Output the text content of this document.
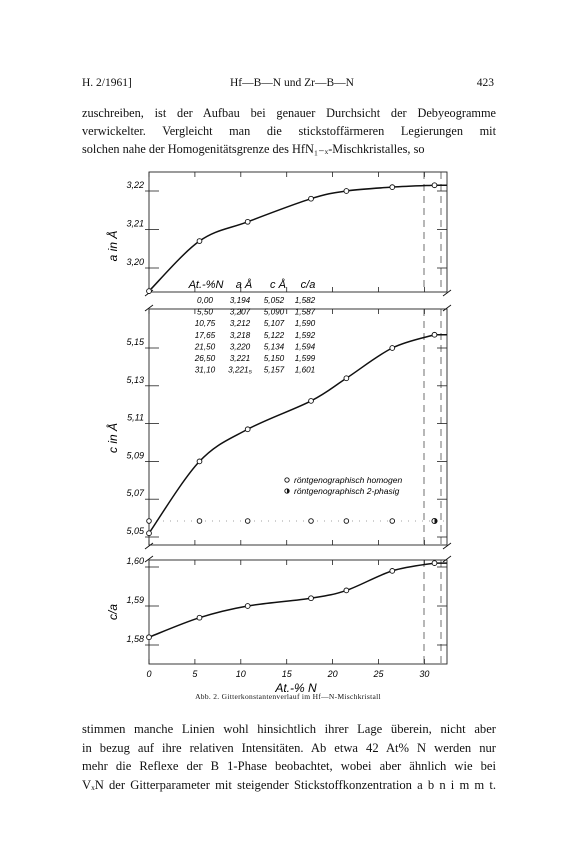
H. 2/1961]	Hf—B—N und Zr—B—N	423
zuschreiben, ist der Aufbau bei genauer Durchsicht der Debyeogramme
verwickelter. Vergleicht man die stickstoffärmeren Legierungen mit
solchen nahe der Homogenitätsgrenze des HfN₁₋ₓ-Mischkristalles, so
3,22
3,21
3,20
a in Å
5,15
5,13
5,11
5,09
5,07
5,05
c in Å
1,60
1,59
1,58
c/a
0	5	10	15	20	25	30
At.-% N
At.-%N a Å c Å c/a
0,00 3,194 5,052 1,582
5,50 3,207 5,090 1,587
10,75 3,212 5,107 1,590
17,65 3,218 5,122 1,592
21,50 3,220 5,134 1,594
26,50 3,221 5,150 1,599
31,10 3,221₅ 5,157 1,601
röntgenographisch homogen
röntgenographisch 2-phasig
Abb. 2. Gitterkonstantenverlauf im Hf—N-Mischkristall
stimmen manche Linien wohl hinsichtlich ihrer Lage überein, nicht aber
in bezug auf ihre relativen Intensitäten. Ab etwa 42 At% N werden nur
mehr die Reflexe der B 1-Phase beobachtet, wobei aber ähnlich wie bei
VₓN der Gitterparameter mit steigender Stickstoffkonzentration a b n i m m t.
